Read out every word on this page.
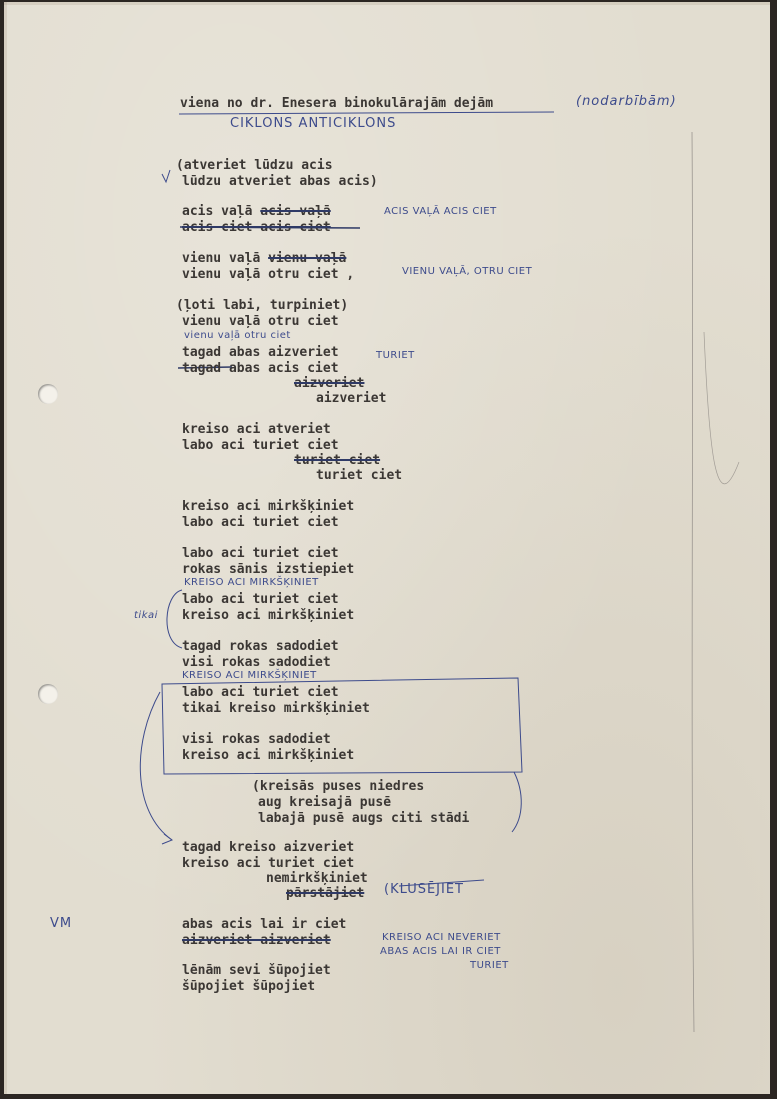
viena no dr. Enesera binokulārajām dejām	(nodarbībām)

CIKLONS ANTICIKLONS

(atveriet lūdzu acis

lūdzu atveriet abas acis)

acis vaļā acis vaļā

acis ciet acis ciet

ACIS VAĻĀ ACIS CIET

vienu vaļā vienu vaļā

vienu vaļā otru ciet ,	VIENU VAĻĀ, OTRU CIET

(ļoti labi, turpiniet)

vienu vaļā otru ciet

vienu vaļā otru ciet

tagad abas aizveriet	TURIET

tagad abas acis ciet

aizveriet

aizveriet

kreiso aci atveriet

labo aci turiet ciet

turiet ciet

turiet ciet

kreiso aci mirkšķiniet

labo aci turiet ciet

labo aci turiet ciet

rokas sānis izstiepiet

KREISO ACI MIRKŠĶINIET

labo aci turiet ciet

kreiso aci mirkšķiniet

tikai

tagad rokas sadodiet

visi rokas sadodiet

KREISO ACI MIRKŠĶINIET

labo aci turiet ciet

tikai kreiso mirkšķiniet

visi rokas sadodiet

kreiso aci mirkšķiniet

(kreisās puses niedres

aug kreisajā pusē

labajā pusē augs citi stādi

tagad kreiso aizveriet

kreiso aci turiet ciet

nemirkšķiniet

pārstājiet (KLUSĒJIET

abas acis lai ir ciet

aizveriet aizveriet	KREISO ACI NEVERIET

ABAS ACIS LAI IR CIET

TURIET

VM

lēnām sevi šūpojiet

šūpojiet šūpojiet
